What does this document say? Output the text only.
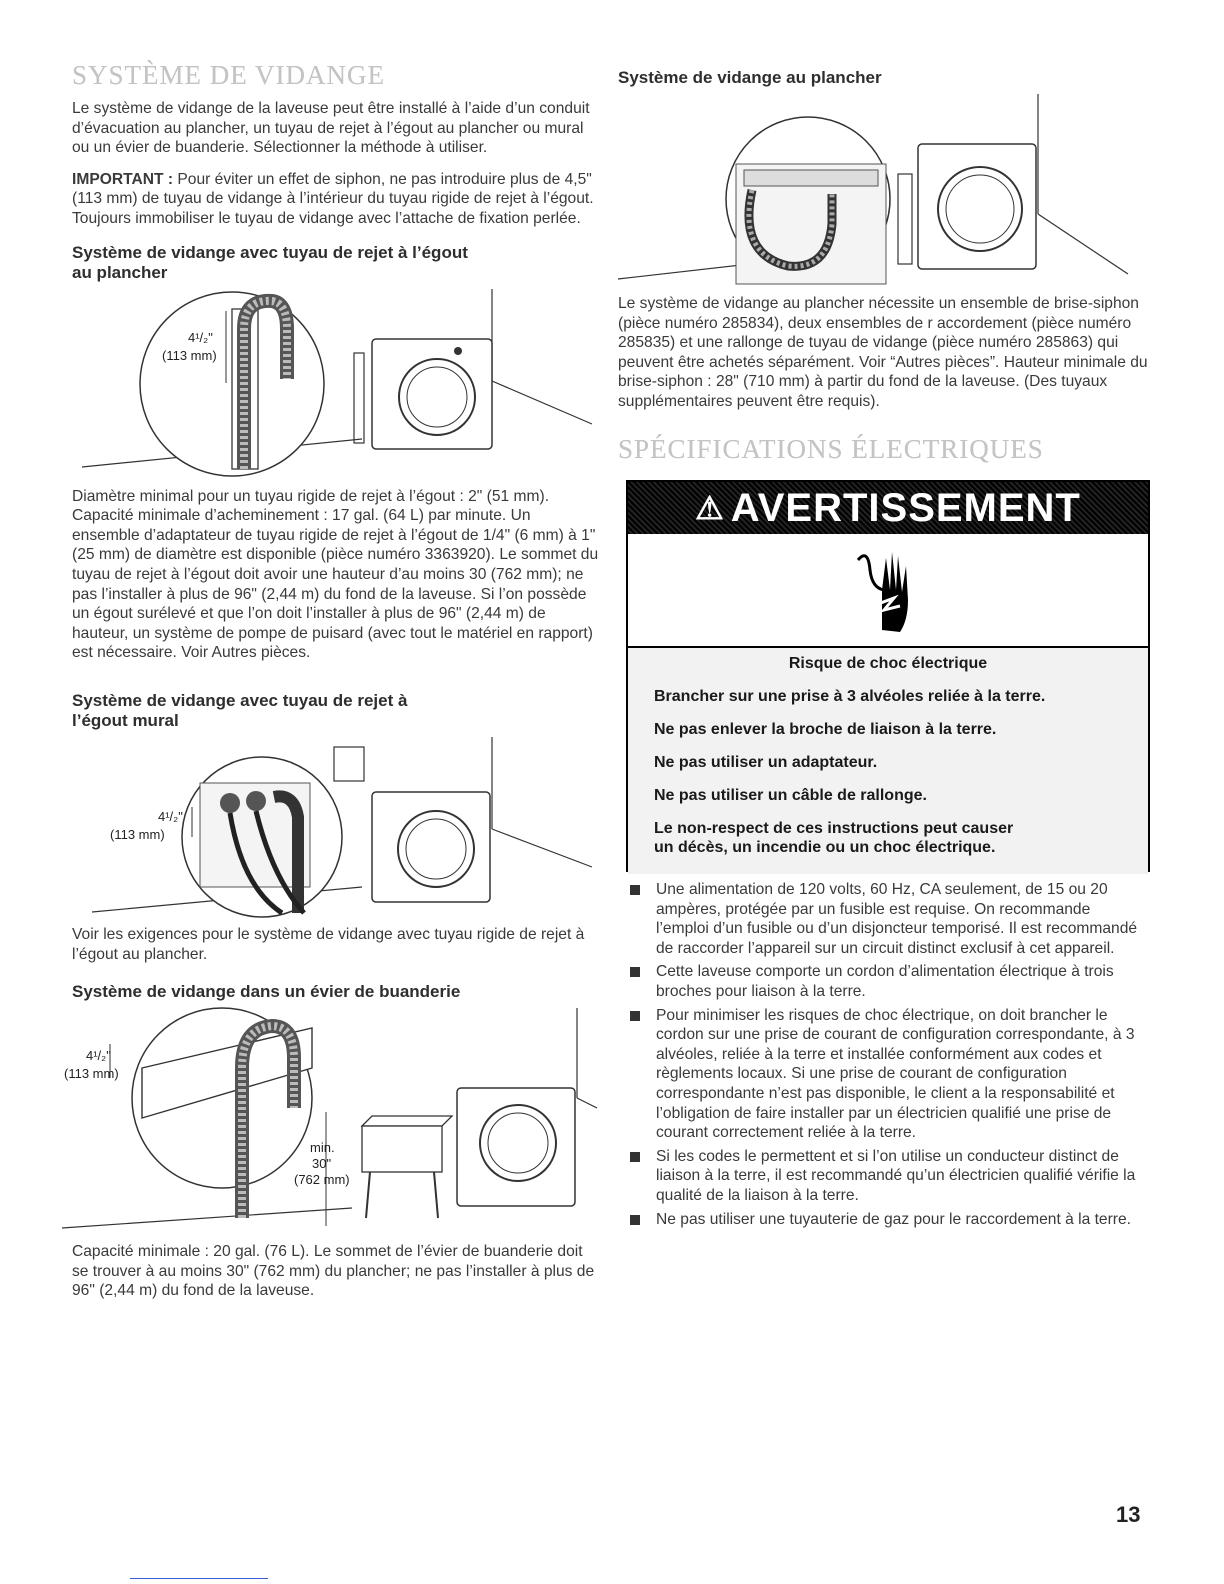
SYSTÈME DE VIDANGE

Le système de vidange de la laveuse peut être installé à l’aide d’un conduit d’évacuation au plancher, un tuyau de rejet à l’égout au plancher ou mural ou un évier de buanderie. Sélectionner la méthode à utiliser.

IMPORTANT : Pour éviter un effet de siphon, ne pas introduire plus de 4,5" (113 mm) de tuyau de vidange à l’intérieur du tuyau rigide de rejet à l’égout. Toujours immobiliser le tuyau de vidange avec l’attache de fixation perlée.

Système de vidange avec tuyau de rejet à l’égout au plancher
4¹/₂"
(113 mm)

Diamètre minimal pour un tuyau rigide de rejet à l’égout : 2" (51 mm). Capacité minimale d’acheminement : 17 gal. (64 L) par minute. Un ensemble d’adaptateur de tuyau rigide de rejet à l’égout de 1/4" (6 mm) à 1" (25 mm) de diamètre est disponible (pièce numéro 3363920). Le sommet du tuyau de rejet à l’égout doit avoir une hauteur d’au moins 30 (762 mm); ne pas l’installer à plus de 96" (2,44 m) du fond de la laveuse. Si l’on possède un égout surélevé et que l’on doit l’installer à plus de 96" (2,44 m) de hauteur, un système de pompe de puisard (avec tout le matériel en rapport) est nécessaire. Voir Autres pièces.

Système de vidange avec tuyau de rejet à l’égout mural
4¹/₂"
(113 mm)

Voir les exigences pour le système de vidange avec tuyau rigide de rejet à l’égout au plancher.

Système de vidange dans un évier de buanderie
4¹/₂"
(113 mm)
min.
30"
(762 mm)

Capacité minimale : 20 gal. (76 L). Le sommet de l’évier de buanderie doit se trouver à au moins 30" (762 mm) du plancher; ne pas l’installer à plus de 96" (2,44 m) du fond de la laveuse.

Système de vidange au plancher

Le système de vidange au plancher nécessite un ensemble de brise-siphon (pièce numéro 285834), deux ensembles de r accordement (pièce numéro 285835) et une rallonge de tuyau de vidange (pièce numéro 285863) qui peuvent être achetés séparément. Voir “Autres pièces”. Hauteur minimale du brise-siphon : 28" (710 mm) à partir du fond de la laveuse. (Des tuyaux supplémentaires peuvent être requis).

SPÉCIFICATIONS ÉLECTRIQUES
⚠ AVERTISSEMENT
Risque de choc électrique
Brancher sur une prise à 3 alvéoles reliée à la terre.
Ne pas enlever la broche de liaison à la terre.
Ne pas utiliser un adaptateur.
Ne pas utiliser un câble de rallonge.
Le non-respect de ces instructions peut causer
un décès, un incendie ou un choc électrique.
Une alimentation de 120 volts, 60 Hz, CA seulement, de 15 ou 20 ampères, protégée par un fusible est requise. On recommande l’emploi d’un fusible ou d’un disjoncteur temporisé. Il est recommandé de raccorder l’appareil sur un circuit distinct exclusif à cet appareil.
Cette laveuse comporte un cordon d’alimentation électrique à trois broches pour liaison à la terre.
Pour minimiser les risques de choc électrique, on doit brancher le cordon sur une prise de courant de configuration correspondante, à 3 alvéoles, reliée à la terre et installée conformément aux codes et règlements locaux. Si une prise de courant de configuration correspondante n’est pas disponible, le client a la responsabilité et l’obligation de faire installer par un électricien qualifié une prise de courant correctement reliée à la terre.
Si les codes le permettent et si l’on utilise un conducteur distinct de liaison à la terre, il est recommandé qu’un électricien qualifié vérifie la qualité de la liaison à la terre.
Ne pas utiliser une tuyauterie de gaz pour le raccordement à la terre.
13
